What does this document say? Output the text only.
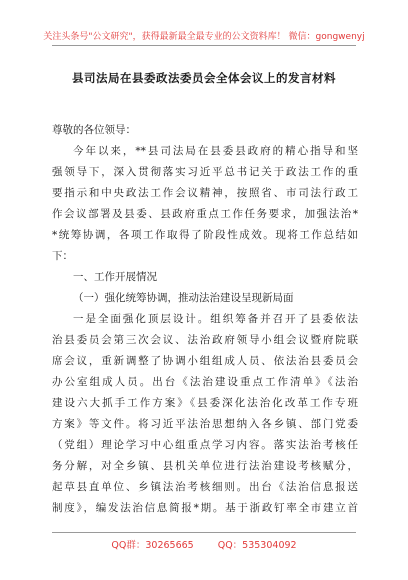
关注头条号"公文研究"，获得最新最全最专业的公文资料库！ 微信：gongwenyj
县司法局在县委政法委员会全体会议上的发言材料
尊敬的各位领导：
今年以来，**县司法局在县委县政府的精心指导和坚
强领导下，深入贯彻落实习近平总书记关于政法工作的重
要指示和中央政法工作会议精神，按照省、市司法行政工
作会议部署及县委、县政府重点工作任务要求，加强法治*
*统筹协调，各项工作取得了阶段性成效。现将工作总结如
下：
一、工作开展情况
（一）强化统筹协调，推动法治建设呈现新局面
一是全面强化顶层设计。组织筹备并召开了县委依法
治县委员会第三次会议、法治政府领导小组会议暨府院联
席会议，重新调整了协调小组组成人员、依法治县委员会
办公室组成人员。出台《法治建设重点工作清单》《法治
建设六大抓手工作方案》《县委深化法治化改革工作专班
方案》等文件。将习近平法治思想纳入各乡镇、部门党委
（党组）理论学习中心组重点学习内容。落实法治考核任
务分解，对全乡镇、县机关单位进行法治建设考核赋分，
起草县直单位、乡镇法治考核细则。出台《法治信息报送
制度》，编发法治信息简报*期。基于浙政钉率全市建立首
QQ群：30265665	QQ：535304092
